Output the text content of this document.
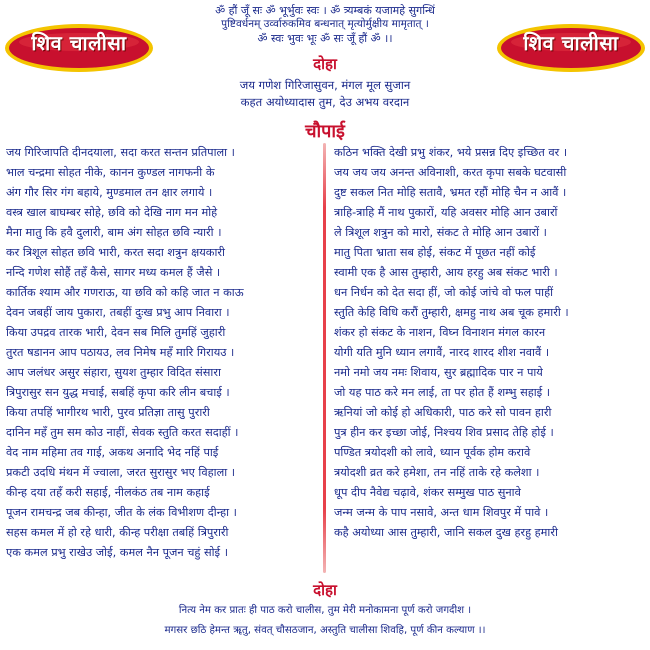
ॐ हौं जूँ सः ॐ भूर्भुवः स्वः । ॐ त्र्यम्बकं यजामहे सुगन्धिं
पुष्टिवर्धनम् उर्व्वारुकमिव बन्धनात् मृत्योर्मुक्षीय मामृतात् ।
ॐ स्वः भुवः भूः ॐ सः जूँ हौं ॐ ।।
शिव चालीसा	शिव चालीसा
दोहा
जय गणेश गिरिजासुवन, मंगल मूल सुजान
कहत अयोध्यादास तुम, देउ अभय वरदान
चौपाई
जय गिरिजापति दीनदयाला, सदा करत सन्तन प्रतिपाला ।
भाल चन्द्रमा सोहत नीके, कानन कुण्डल नागफनी के
अंग गौर सिर गंग बहाये, मुण्डमाल तन क्षार लगाये ।
वस्त्र खाल बाघम्बर सोहे, छवि को देखि नाग मन मोहे
मैना मातु कि हवै दुलारी, बाम अंग सोहत छवि न्यारी ।
कर त्रिशूल सोहत छवि भारी, करत सदा शत्रुन क्षयकारी
नन्दि गणेश सोहैं तहँ कैसे, सागर मध्य कमल हैं जैसे ।
कार्तिक श्याम और गणराऊ, या छवि को कहि जात न काऊ
देवन जबहीं जाय पुकारा, तबहीं दुःख प्रभु आप निवारा ।
किया उपद्रव तारक भारी, देवन सब मिलि तुमहिं जुहारी
तुरत षडानन आप पठायउ, लव निमेष महँ मारि गिरायउ ।
आप जलंधर असुर संहारा, सुयश तुम्हार विदित संसारा
त्रिपुरासुर सन युद्ध मचाई, सबहिं कृपा करि लीन बचाई ।
किया तपहिं भागीरथ भारी, पुरव प्रतिज्ञा तासु पुरारी
दानिन महँ तुम सम कोउ नाहीं, सेवक स्तुति करत सदाहीं ।
वेद नाम महिमा तव गाई, अकथ अनादि भेद नहिं पाई
प्रकटी उदधि मंथन में ज्वाला, जरत सुरासुर भए विहाला ।
कीन्ह दया तहँ करी सहाई, नीलकंठ तब नाम कहाई
पूजन रामचन्द्र जब कीन्हा, जीत के लंक विभीशण दीन्हा ।
सहस कमल में हो रहे धारी, कीन्ह परीक्षा तबहिं त्रिपुरारी
एक कमल प्रभु राखेउ जोई, कमल नैन पूजन चहुं सोई ।
कठिन भक्ति देखी प्रभु शंकर, भये प्रसन्न दिए इच्छित वर ।
जय जय जय अनन्त अविनाशी, करत कृपा सबके घटवासी
दुष्ट सकल नित मोहि सतावै, भ्रमत रहौं मोहि चैन न आवैं ।
त्राहि-त्राहि मैं नाथ पुकारों, यहि अवसर मोहि आन उबारों
ले त्रिशूल शत्रुन को मारो, संकट ते मोहि आन उबारों ।
मातु पिता भ्राता सब होई, संकट में पूछत नहीं कोई
स्वामी एक है आस तुम्हारी, आय हरहु अब संकट भारी ।
धन निर्धन को देत सदा हीं, जो कोई जांचे वो फल पाहीं
स्तुति केहि विधि करौं तुम्हारी, क्षमहु नाथ अब चूक हमारी ।
शंकर हो संकट के नाशन, विघ्न विनाशन मंगल कारन
योगी यति मुनि ध्यान लगावैं, नारद शारद शीश नवावैं ।
नमो नमो जय नमः शिवाय, सुर ब्रह्मादिक पार न पाये
जो यह पाठ करे मन लाई, ता पर होत हैं शम्भु सहाई ।
ऋनियां जो कोई हो अधिकारी, पाठ करे सो पावन हारी
पुत्र हीन कर इच्छा जोई, निश्चय शिव प्रसाद तेहि होई ।
पण्डित त्रयोदशी को लावे, ध्यान पूर्वक होम करावे
त्रयोदशी व्रत करे हमेशा, तन नहिं ताके रहे कलेशा ।
धूप दीप नैवेद्य चढ़ावे, शंकर सम्मुख पाठ सुनावे
जन्म जन्म के पाप नसावे, अन्त धाम शिवपुर में पावे ।
कहै अयोध्या आस तुम्हारी, जानि सकल दुख हरहु हमारी
दोहा
नित्य नेम कर प्रातः ही पाठ करो चालीस, तुम मेरी मनोकामना पूर्ण करो जगदीश ।
मगसर छठि हेमन्त ॠतु, संवत् चौसठजान, अस्तुति चालीसा शिवहि, पूर्ण कीन कल्याण ।।
